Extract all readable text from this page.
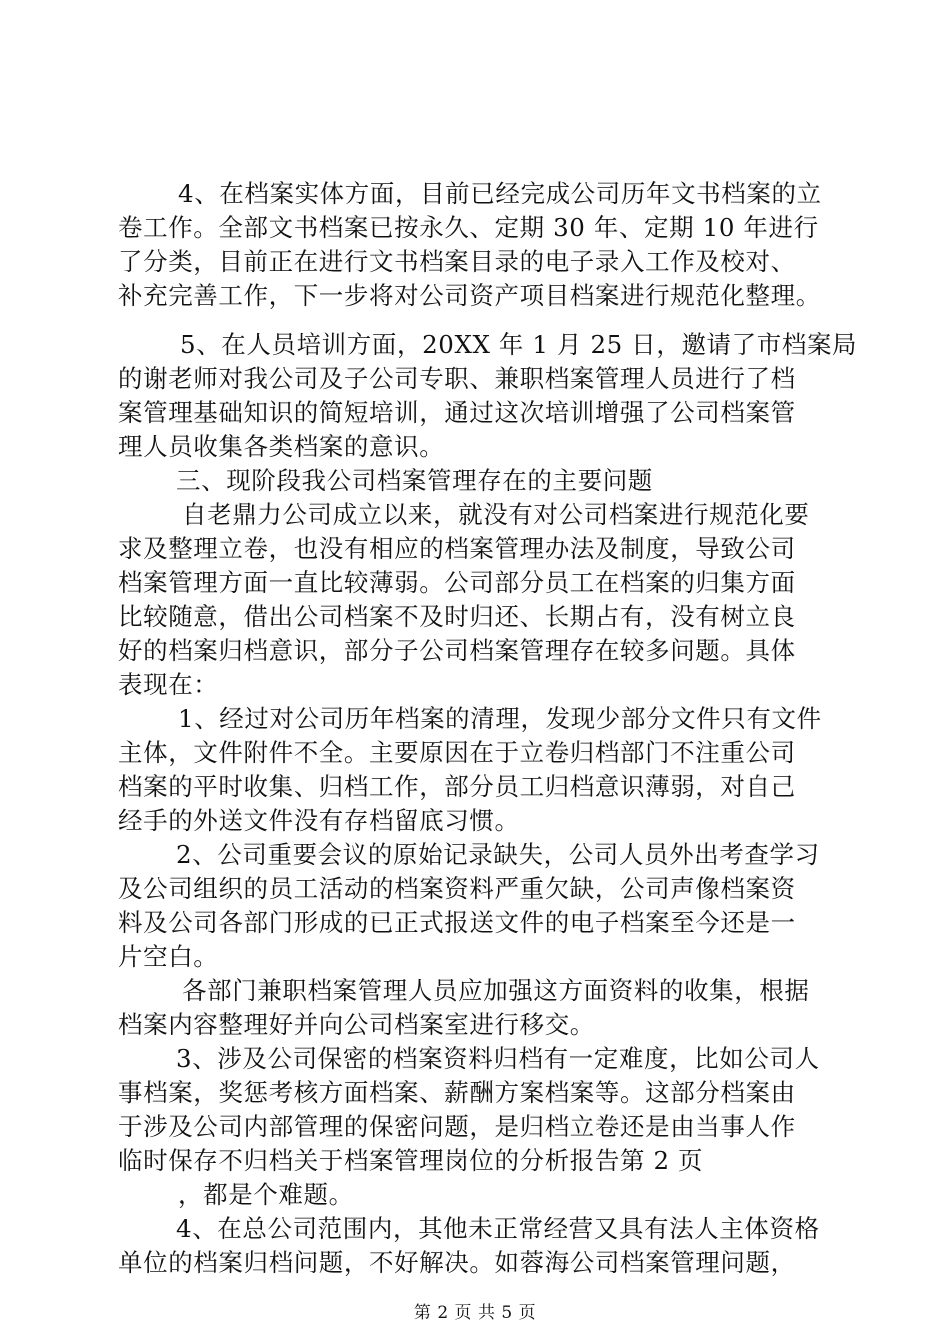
4、在档案实体方面，目前已经完成公司历年文书档案的立
卷工作。全部文书档案已按永久、定期 30 年、定期 10 年进行
了分类，目前正在进行文书档案目录的电子录入工作及校对、
补充完善工作，下一步将对公司资产项目档案进行规范化整理。
5、在人员培训方面，20XX 年 1 月 25 日，邀请了市档案局
的谢老师对我公司及子公司专职、兼职档案管理人员进行了档
案管理基础知识的简短培训，通过这次培训增强了公司档案管
理人员收集各类档案的意识。
三、现阶段我公司档案管理存在的主要问题
自老鼎力公司成立以来，就没有对公司档案进行规范化要
求及整理立卷，也没有相应的档案管理办法及制度，导致公司
档案管理方面一直比较薄弱。公司部分员工在档案的归集方面
比较随意，借出公司档案不及时归还、长期占有，没有树立良
好的档案归档意识，部分子公司档案管理存在较多问题。具体
表现在：
1、经过对公司历年档案的清理，发现少部分文件只有文件
主体，文件附件不全。主要原因在于立卷归档部门不注重公司
档案的平时收集、归档工作，部分员工归档意识薄弱，对自己
经手的外送文件没有存档留底习惯。
2、公司重要会议的原始记录缺失，公司人员外出考查学习
及公司组织的员工活动的档案资料严重欠缺，公司声像档案资
料及公司各部门形成的已正式报送文件的电子档案至今还是一
片空白。
各部门兼职档案管理人员应加强这方面资料的收集，根据
档案内容整理好并向公司档案室进行移交。
3、涉及公司保密的档案资料归档有一定难度，比如公司人
事档案，奖惩考核方面档案、薪酬方案档案等。这部分档案由
于涉及公司内部管理的保密问题，是归档立卷还是由当事人作
临时保存不归档关于档案管理岗位的分析报告第 2 页
，都是个难题。
4、在总公司范围内，其他未正常经营又具有法人主体资格
单位的档案归档问题，不好解决。如蓉海公司档案管理问题，
第 2 页 共 5 页
